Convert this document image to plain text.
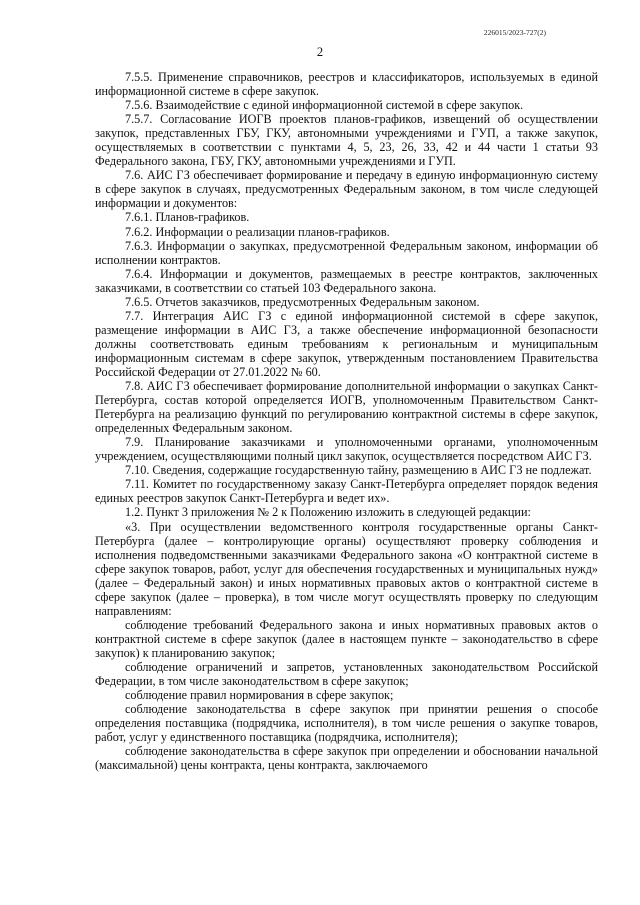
226015/2023-727(2)
2

7.5.5. Применение справочников, реестров и классификаторов, используемых в единой информационной системе в сфере закупок.

7.5.6. Взаимодействие с единой информационной системой в сфере закупок.

7.5.7. Согласование ИОГВ проектов планов-графиков, извещений об осуществлении закупок, представленных ГБУ, ГКУ, автономными учреждениями и ГУП, а также закупок, осуществляемых в соответствии с пунктами 4, 5, 23, 26, 33, 42 и 44 части 1 статьи 93 Федерального закона, ГБУ, ГКУ, автономными учреждениями и ГУП.

7.6. АИС ГЗ обеспечивает формирование и передачу в единую информационную систему в сфере закупок в случаях, предусмотренных Федеральным законом, в том числе следующей информации и документов:

7.6.1. Планов-графиков.

7.6.2. Информации о реализации планов-графиков.

7.6.3. Информации о закупках, предусмотренной Федеральным законом, информации об исполнении контрактов.

7.6.4. Информации и документов, размещаемых в реестре контрактов, заключенных заказчиками, в соответствии со статьей 103 Федерального закона.

7.6.5. Отчетов заказчиков, предусмотренных Федеральным законом.

7.7. Интеграция АИС ГЗ с единой информационной системой в сфере закупок, размещение информации в АИС ГЗ, а также обеспечение информационной безопасности должны соответствовать единым требованиям к региональным и муниципальным информационным системам в сфере закупок, утвержденным постановлением Правительства Российской Федерации от 27.01.2022 № 60.

7.8. АИС ГЗ обеспечивает формирование дополнительной информации о закупках Санкт-Петербурга, состав которой определяется ИОГВ, уполномоченным Правительством Санкт-Петербурга на реализацию функций по регулированию контрактной системы в сфере закупок, определенных Федеральным законом.

7.9. Планирование заказчиками и уполномоченными органами, уполномоченным учреждением, осуществляющими полный цикл закупок, осуществляется посредством АИС ГЗ.

7.10. Сведения, содержащие государственную тайну, размещению в АИС ГЗ не подлежат.

7.11. Комитет по государственному заказу Санкт-Петербурга определяет порядок ведения единых реестров закупок Санкт-Петербурга и ведет их».

1.2. Пункт 3 приложения № 2 к Положению изложить в следующей редакции:

«3. При осуществлении ведомственного контроля государственные органы Санкт-Петербурга (далее – контролирующие органы) осуществляют проверку соблюдения и исполнения подведомственными заказчиками Федерального закона «О контрактной системе в сфере закупок товаров, работ, услуг для обеспечения государственных и муниципальных нужд» (далее – Федеральный закон) и иных нормативных правовых актов о контрактной системе в сфере закупок (далее – проверка), в том числе могут осуществлять проверку по следующим направлениям:

соблюдение требований Федерального закона и иных нормативных правовых актов о контрактной системе в сфере закупок (далее в настоящем пункте – законодательство в сфере закупок) к планированию закупок;

соблюдение ограничений и запретов, установленных законодательством Российской Федерации, в том числе законодательством в сфере закупок;

соблюдение правил нормирования в сфере закупок;

соблюдение законодательства в сфере закупок при принятии решения о способе определения поставщика (подрядчика, исполнителя), в том числе решения о закупке товаров, работ, услуг у единственного поставщика (подрядчика, исполнителя);

соблюдение законодательства в сфере закупок при определении и обосновании начальной (максимальной) цены контракта, цены контракта, заключаемого
